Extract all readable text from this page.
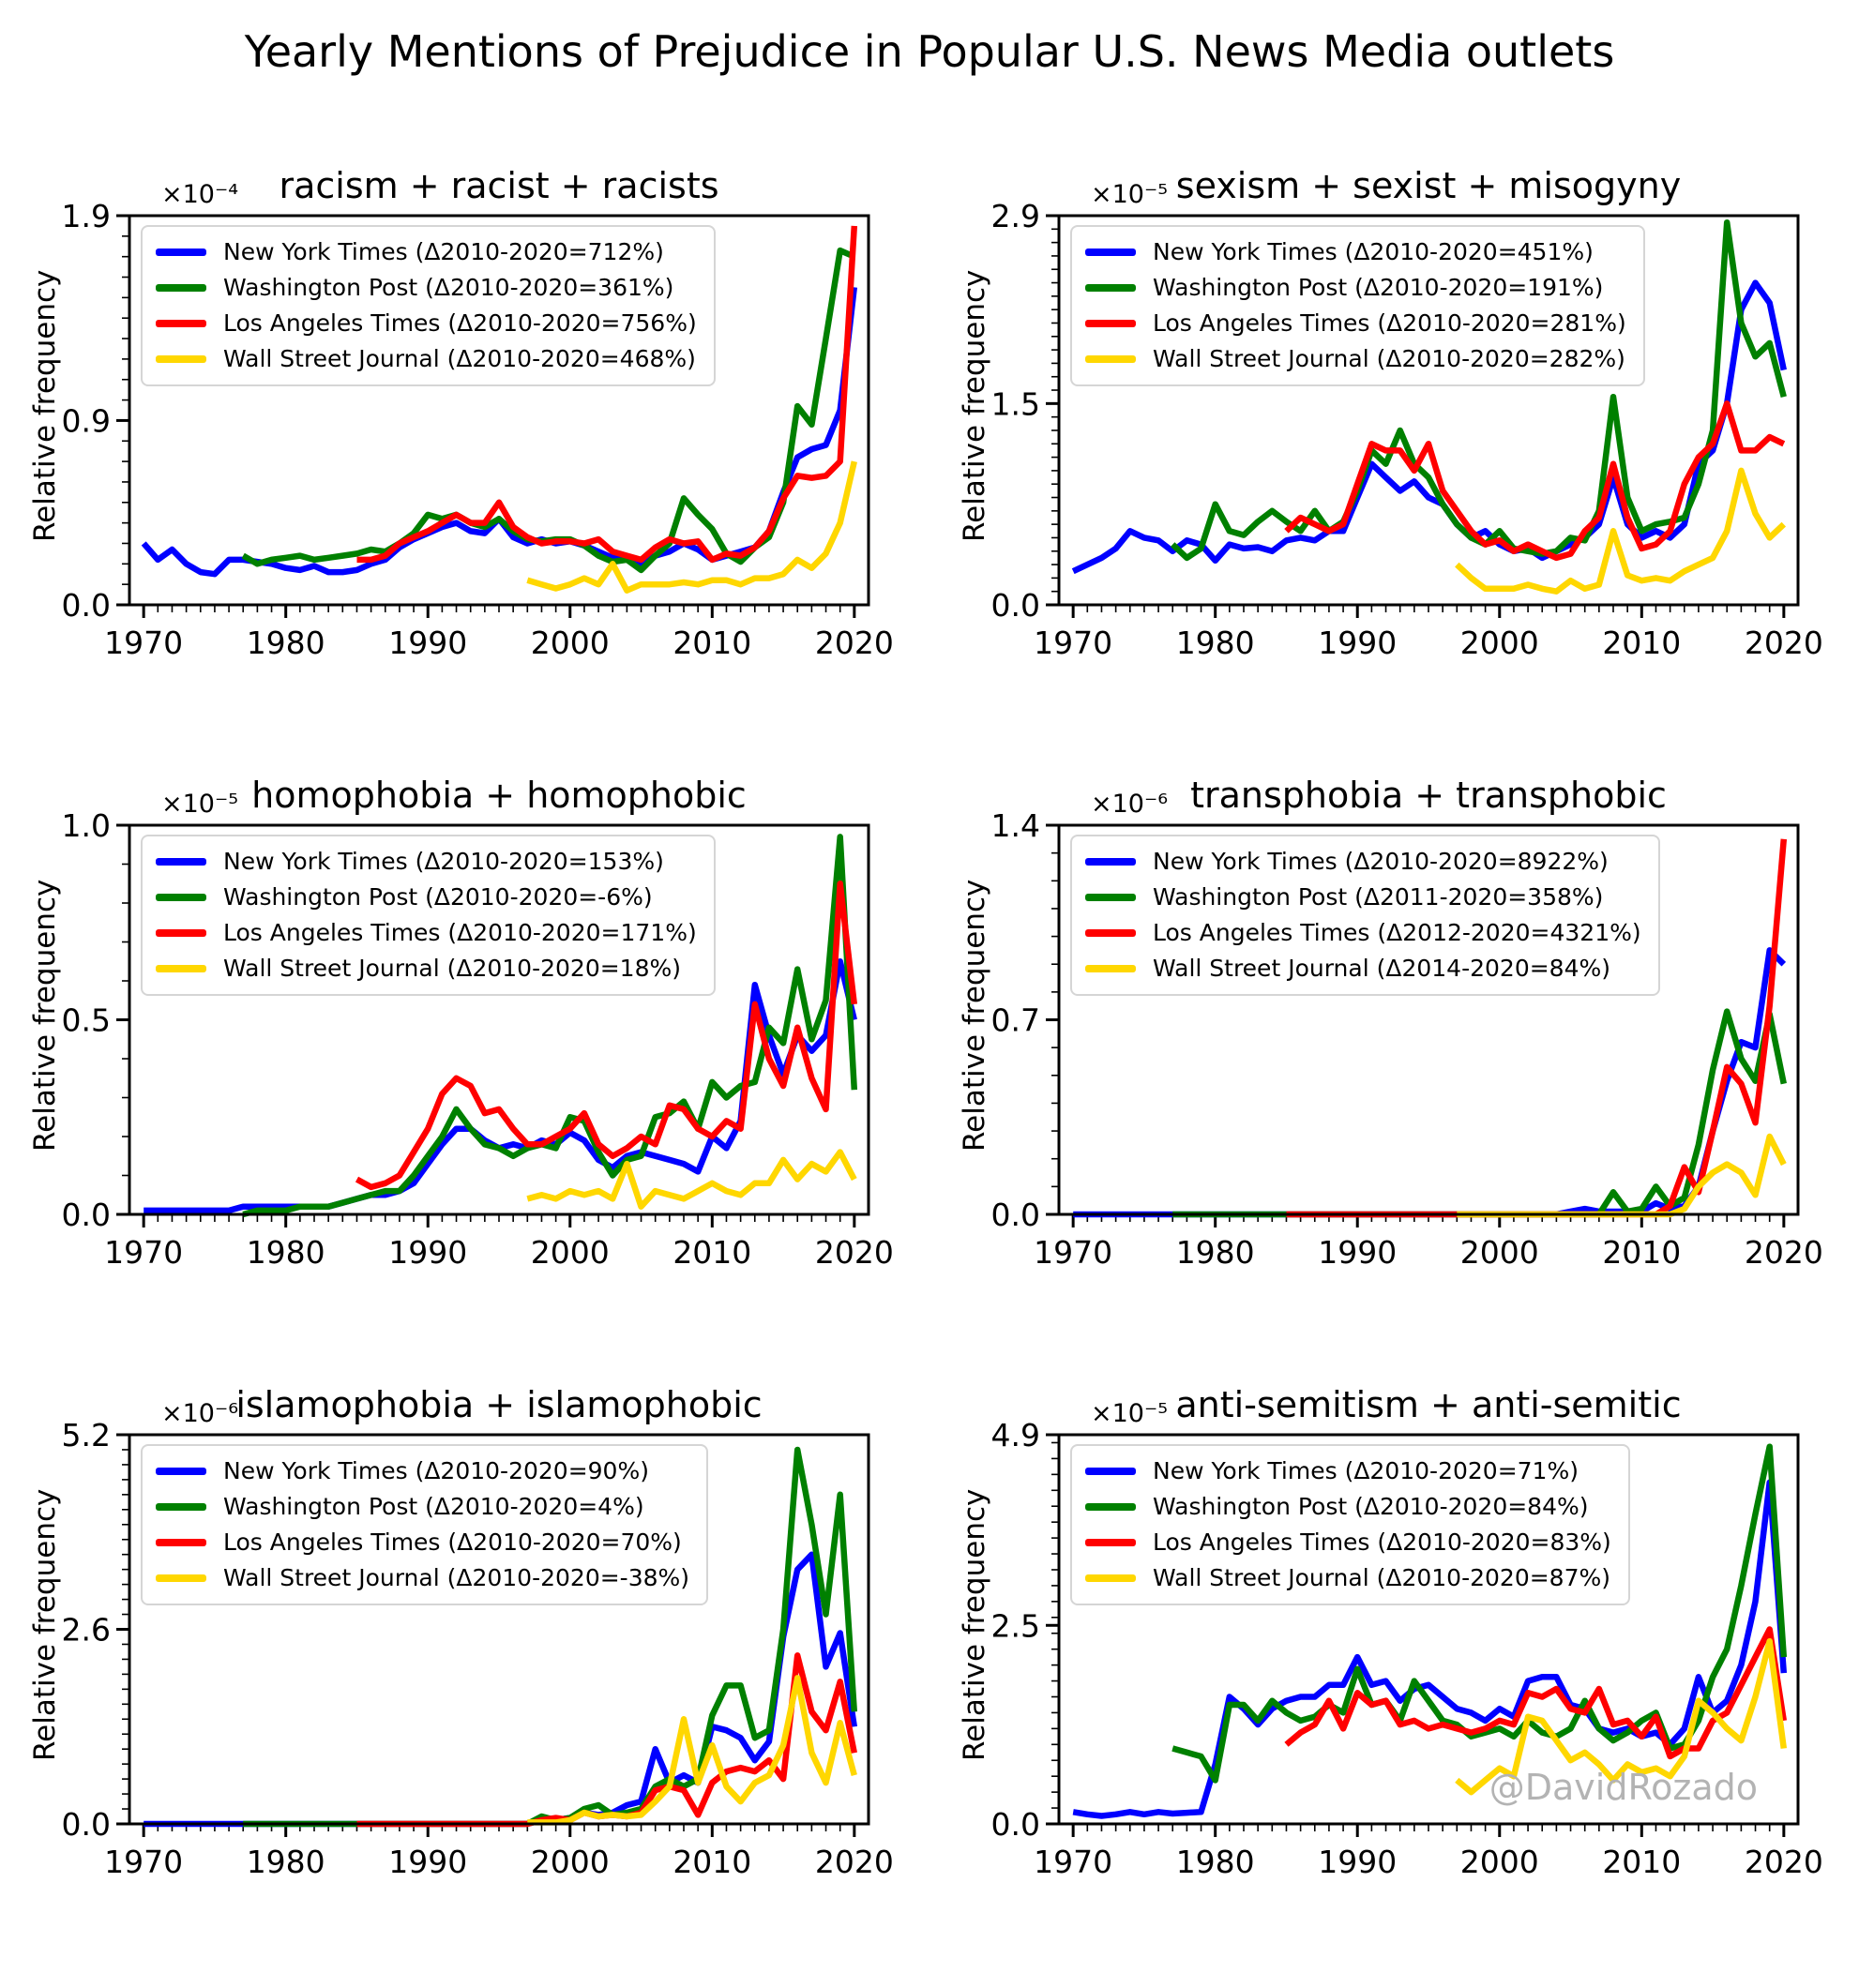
Yearly Mentions of Prejudice in Popular U.S. News Media outlets
1970 1980 1990 2000 2010 2020
0.0
0.9
1.9
racism + racist + racists
×10⁻⁴
Relative frequency
New York Times (Δ2010-2020=712%)
Washington Post (Δ2010-2020=361%)
Los Angeles Times (Δ2010-2020=756%)
Wall Street Journal (Δ2010-2020=468%)
1970 1980 1990 2000 2010 2020
0.0
1.5
2.9
sexism + sexist + misogyny
×10⁻⁵
Relative frequency
New York Times (Δ2010-2020=451%)
Washington Post (Δ2010-2020=191%)
Los Angeles Times (Δ2010-2020=281%)
Wall Street Journal (Δ2010-2020=282%)
1970 1980 1990 2000 2010 2020
0.0
0.5
1.0
homophobia + homophobic
×10⁻⁵
Relative frequency
New York Times (Δ2010-2020=153%)
Washington Post (Δ2010-2020=-6%)
Los Angeles Times (Δ2010-2020=171%)
Wall Street Journal (Δ2010-2020=18%)
1970 1980 1990 2000 2010 2020
0.0
0.7
1.4
transphobia + transphobic
×10⁻⁶
Relative frequency
New York Times (Δ2010-2020=8922%)
Washington Post (Δ2011-2020=358%)
Los Angeles Times (Δ2012-2020=4321%)
Wall Street Journal (Δ2014-2020=84%)
1970 1980 1990 2000 2010 2020
0.0
2.6
5.2
islamophobia + islamophobic
×10⁻⁶
Relative frequency
New York Times (Δ2010-2020=90%)
Washington Post (Δ2010-2020=4%)
Los Angeles Times (Δ2010-2020=70%)
Wall Street Journal (Δ2010-2020=-38%)
1970 1980 1990 2000 2010 2020
0.0
2.5
4.9
anti-semitism + anti-semitic
×10⁻⁵
Relative frequency
New York Times (Δ2010-2020=71%)
Washington Post (Δ2010-2020=84%)
Los Angeles Times (Δ2010-2020=83%)
Wall Street Journal (Δ2010-2020=87%)
@DavidRozado
